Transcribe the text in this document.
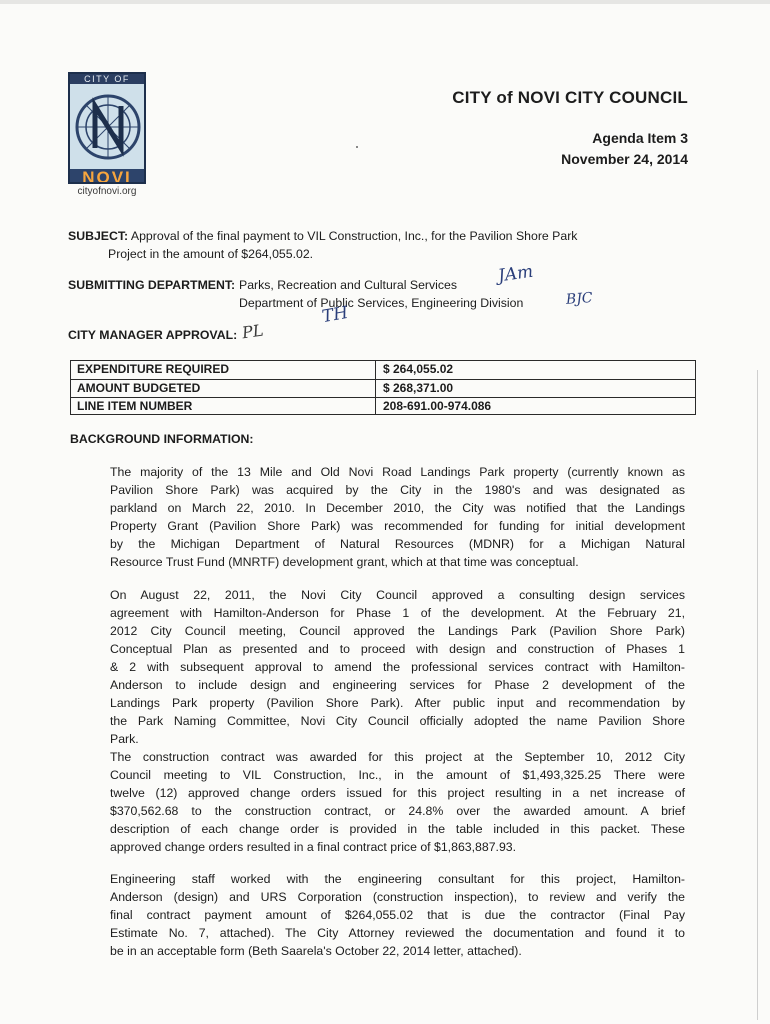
CITY OF
NOVI
cityofnovi.org
CITY of NOVI CITY COUNCIL
Agenda Item 3
November 24, 2014
SUBJECT: Approval of the final payment to VIL Construction, Inc., for the Pavilion Shore Park
Project in the amount of $264,055.02.
SUBMITTING DEPARTMENT: Parks, Recreation and Cultural Services
Department of Public Services, Engineering Division
CITY MANAGER APPROVAL:
JAm
BJC
TH
PL
EXPENDITURE REQUIRED	$ 264,055.02
AMOUNT BUDGETED	$ 268,371.00
LINE ITEM NUMBER	208-691.00-974.086
BACKGROUND INFORMATION:
The majority of the 13 Mile and Old Novi Road Landings Park property (currently known as
Pavilion Shore Park) was acquired by the City in the 1980's and was designated as
parkland on March 22, 2010. In December 2010, the City was notified that the Landings
Property Grant (Pavilion Shore Park) was recommended for funding for initial development
by the Michigan Department of Natural Resources (MDNR) for a Michigan Natural
Resource Trust Fund (MNRTF) development grant, which at that time was conceptual.
On August 22, 2011, the Novi City Council approved a consulting design services
agreement with Hamilton-Anderson for Phase 1 of the development. At the February 21,
2012 City Council meeting, Council approved the Landings Park (Pavilion Shore Park)
Conceptual Plan as presented and to proceed with design and construction of Phases 1
& 2 with subsequent approval to amend the professional services contract with Hamilton-
Anderson to include design and engineering services for Phase 2 development of the
Landings Park property (Pavilion Shore Park). After public input and recommendation by
the Park Naming Committee, Novi City Council officially adopted the name Pavilion Shore
Park.
The construction contract was awarded for this project at the September 10, 2012 City
Council meeting to VIL Construction, Inc., in the amount of $1,493,325.25 There were
twelve (12) approved change orders issued for this project resulting in a net increase of
$370,562.68 to the construction contract, or 24.8% over the awarded amount. A brief
description of each change order is provided in the table included in this packet. These
approved change orders resulted in a final contract price of $1,863,887.93.
Engineering staff worked with the engineering consultant for this project, Hamilton-
Anderson (design) and URS Corporation (construction inspection), to review and verify the
final contract payment amount of $264,055.02 that is due the contractor (Final Pay
Estimate No. 7, attached). The City Attorney reviewed the documentation and found it to
be in an acceptable form (Beth Saarela's October 22, 2014 letter, attached).
